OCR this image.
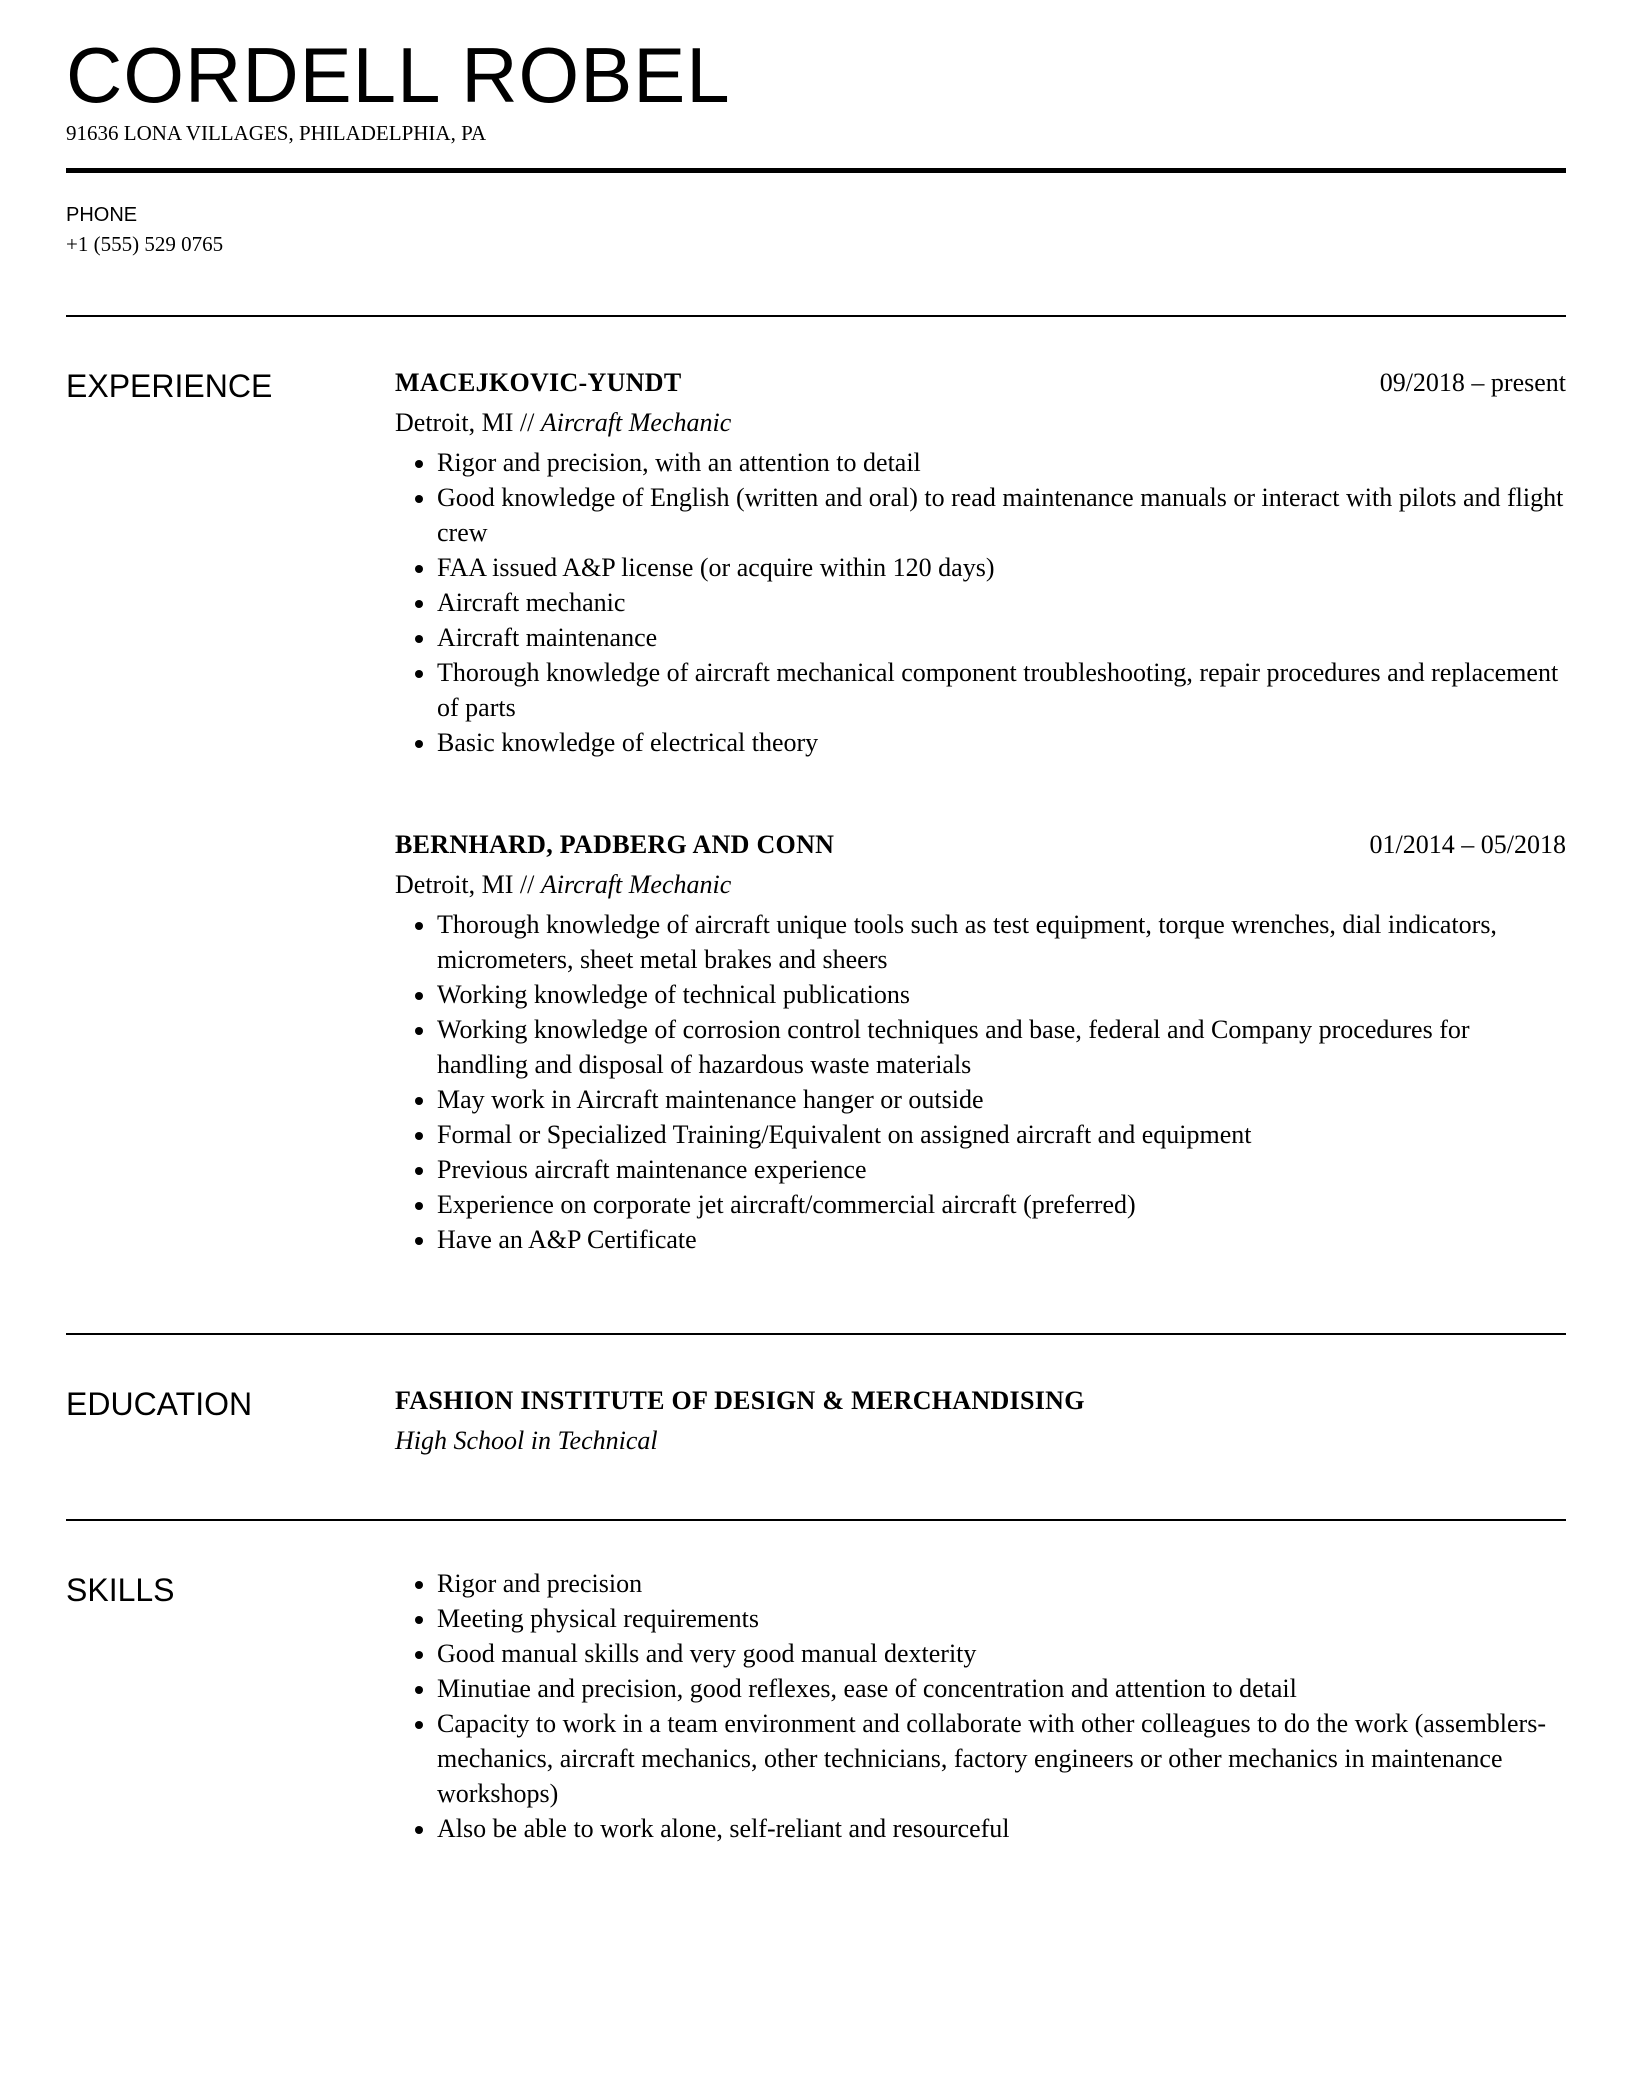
CORDELL ROBEL
91636 LONA VILLAGES, PHILADELPHIA, PA
PHONE
+1 (555) 529 0765
EXPERIENCE	MACEJKOVIC-YUNDT	09/2018 – present
Detroit, MI // Aircraft Mechanic
• Rigor and precision, with an attention to detail
• Good knowledge of English (written and oral) to read maintenance manuals or interact with pilots and flight crew
• FAA issued A&P license (or acquire within 120 days)
• Aircraft mechanic
• Aircraft maintenance
• Thorough knowledge of aircraft mechanical component troubleshooting, repair procedures and replacement of parts
• Basic knowledge of electrical theory
BERNHARD, PADBERG AND CONN	01/2014 – 05/2018
Detroit, MI // Aircraft Mechanic
• Thorough knowledge of aircraft unique tools such as test equipment, torque wrenches, dial indicators, micrometers, sheet metal brakes and sheers
• Working knowledge of technical publications
• Working knowledge of corrosion control techniques and base, federal and Company procedures for handling and disposal of hazardous waste materials
• May work in Aircraft maintenance hanger or outside
• Formal or Specialized Training/Equivalent on assigned aircraft and equipment
• Previous aircraft maintenance experience
• Experience on corporate jet aircraft/commercial aircraft (preferred)
• Have an A&P Certificate
EDUCATION	FASHION INSTITUTE OF DESIGN & MERCHANDISING
High School in Technical
SKILLS
•	Rigor and precision
• Meeting physical requirements
• Good manual skills and very good manual dexterity
• Minutiae and precision, good reflexes, ease of concentration and attention to detail
• Capacity to work in a team environment and collaborate with other colleagues to do the work (assemblers-mechanics, aircraft mechanics, other technicians, factory engineers or other mechanics in maintenance workshops)
• Also be able to work alone, self-reliant and resourceful
